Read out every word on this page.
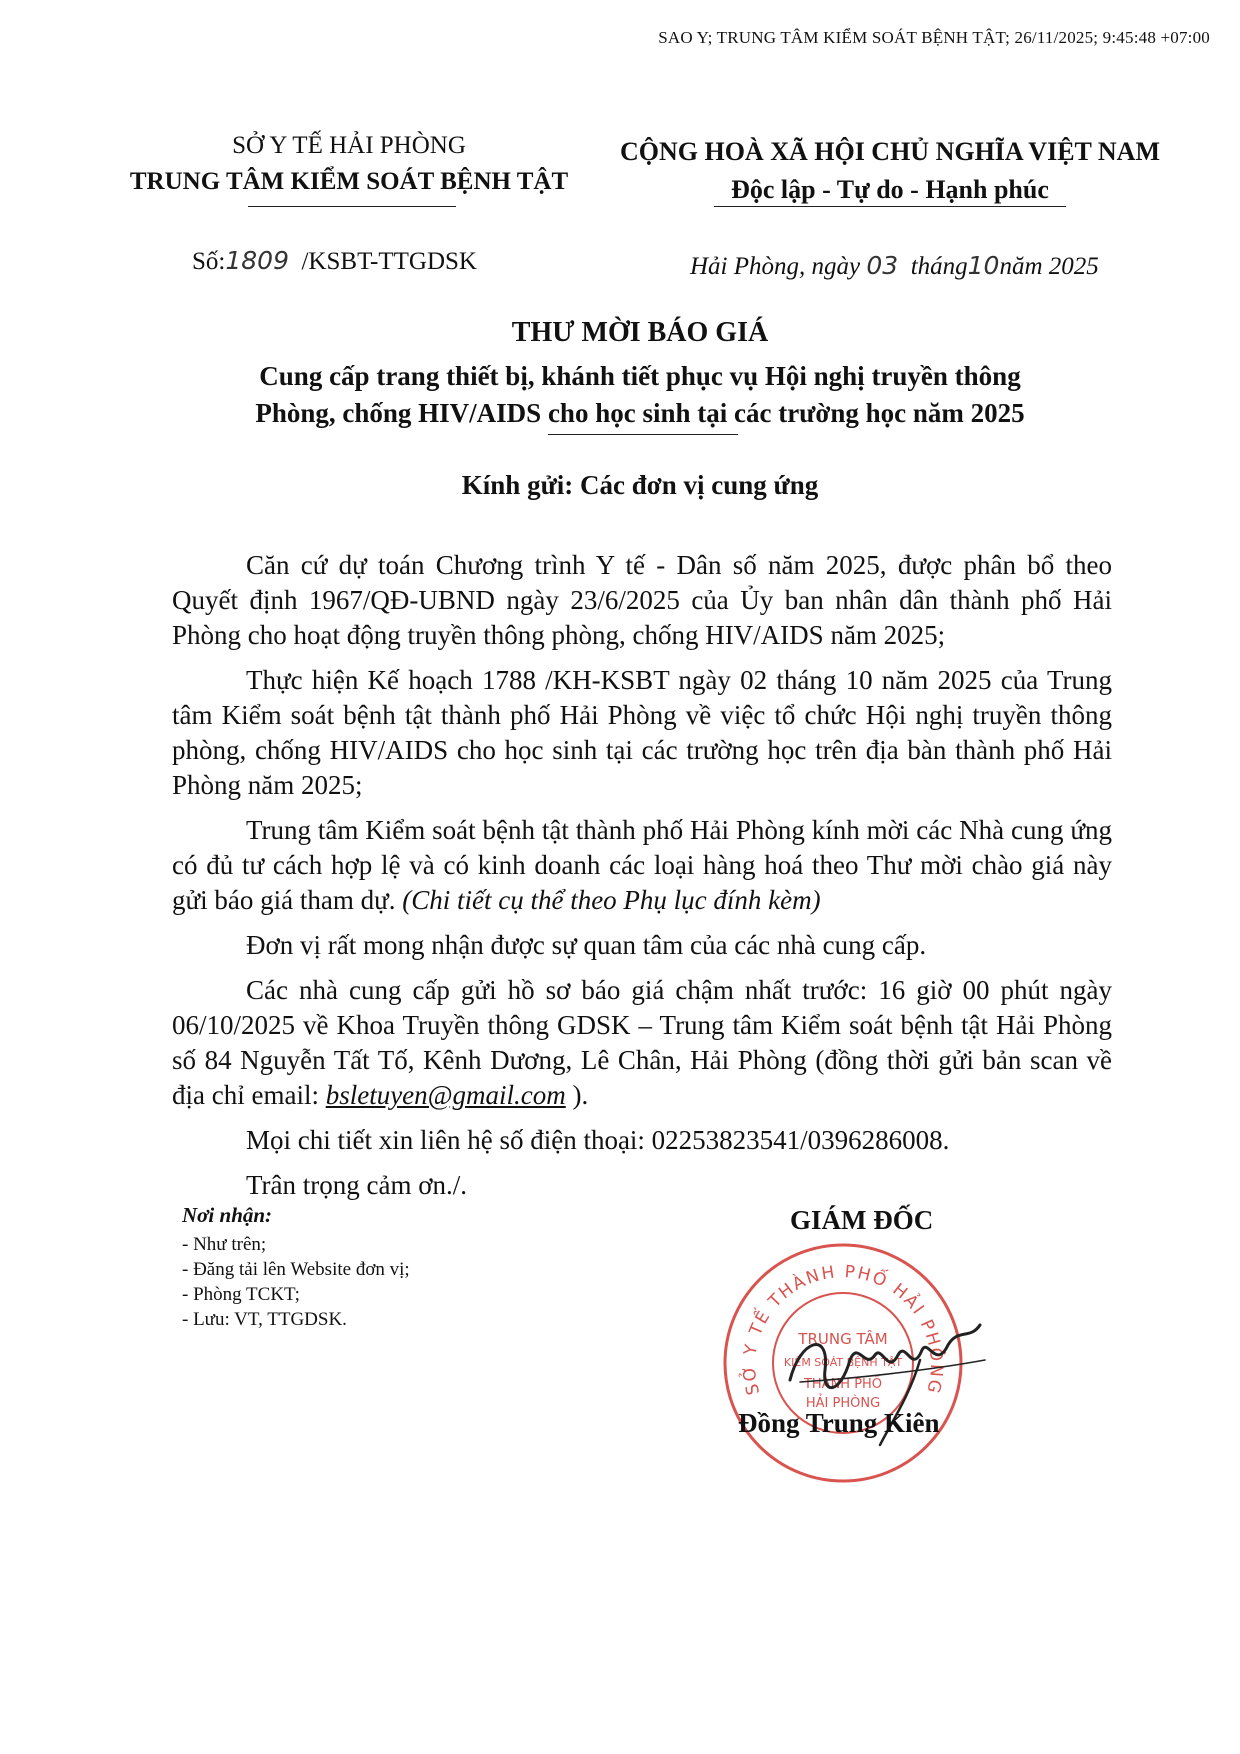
SAO Y; TRUNG TÂM KIỂM SOÁT BỆNH TẬT; 26/11/2025; 9:45:48 +07:00
SỞ Y TẾ HẢI PHÒNG
TRUNG TÂM KIỂM SOÁT BỆNH TẬT
CỘNG HOÀ XÃ HỘI CHỦ NGHĨA VIỆT NAM
Độc lập - Tự do - Hạnh phúc
Số:1809 /KSBT-TTGDSK	Hải Phòng, ngày 03 tháng10năm 2025
THƯ MỜI BÁO GIÁ
Cung cấp trang thiết bị, khánh tiết phục vụ Hội nghị truyền thông
Phòng, chống HIV/AIDS cho học sinh tại các trường học năm 2025
Kính gửi: Các đơn vị cung ứng

Căn cứ dự toán Chương trình Y tế - Dân số năm 2025, được phân bổ theo Quyết định 1967/QĐ-UBND ngày 23/6/2025 của Ủy ban nhân dân thành phố Hải Phòng cho hoạt động truyền thông phòng, chống HIV/AIDS năm 2025;

Thực hiện Kế hoạch 1788 /KH-KSBT ngày 02 tháng 10 năm 2025 của Trung tâm Kiểm soát bệnh tật thành phố Hải Phòng về việc tổ chức Hội nghị truyền thông phòng, chống HIV/AIDS cho học sinh tại các trường học trên địa bàn thành phố Hải Phòng năm 2025;

Trung tâm Kiểm soát bệnh tật thành phố Hải Phòng kính mời các Nhà cung ứng có đủ tư cách hợp lệ và có kinh doanh các loại hàng hoá theo Thư mời chào giá này gửi báo giá tham dự. (Chi tiết cụ thể theo Phụ lục đính kèm)

Đơn vị rất mong nhận được sự quan tâm của các nhà cung cấp.

Các nhà cung cấp gửi hồ sơ báo giá chậm nhất trước: 16 giờ 00 phút ngày 06/10/2025 về Khoa Truyền thông GDSK – Trung tâm Kiểm soát bệnh tật Hải Phòng số 84 Nguyễn Tất Tố, Kênh Dương, Lê Chân, Hải Phòng (đồng thời gửi bản scan về địa chỉ email: bsletuyen@gmail.com ).

Mọi chi tiết xin liên hệ số điện thoại: 02253823541/0396286008.

Trân trọng cảm ơn./.

Nơi nhận:
- Như trên;
- Đăng tải lên Website đơn vị;
- Phòng TCKT;
- Lưu: VT, TTGDSK.
GIÁM ĐỐC
SỞ Y TẾ THÀNH PHỐ HẢI PHÒNG
TRUNG TÂM
KIỂM SOÁT BỆNH TẬT
THÀNH PHỐ
HẢI PHÒNG
Đồng Trung Kiên
